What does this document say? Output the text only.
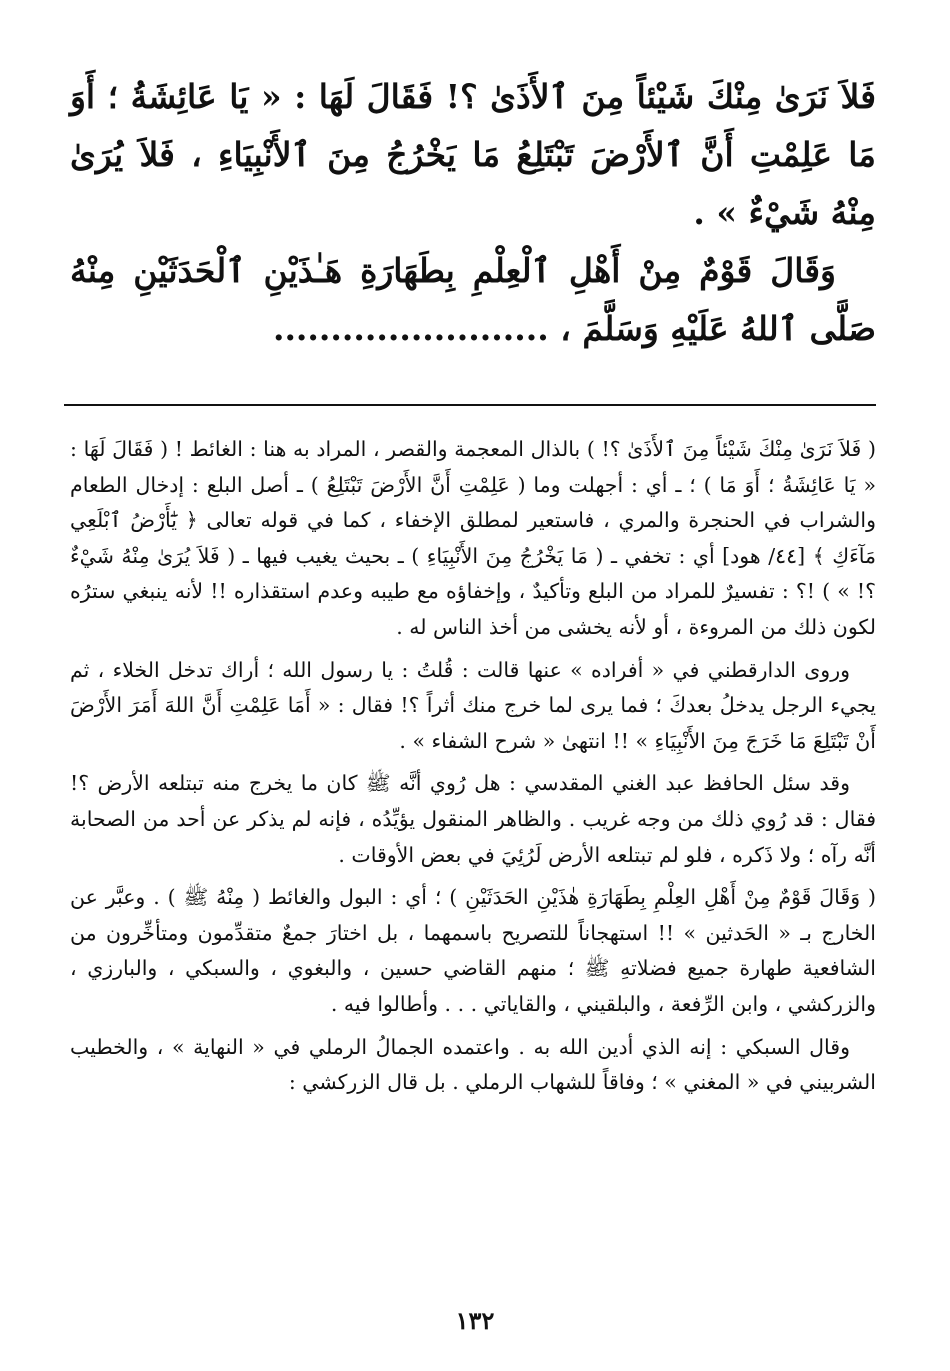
فَلاَ نَرَىٰ مِنْكَ شَيْئاً مِنَ ٱلأَذَىٰ ؟! فَقَالَ لَهَا : « يَا عَائِشَةُ ؛ أَوَ مَا عَلِمْتِ أَنَّ ٱلأَرْضَ تَبْتَلِعُ مَا يَخْرُجُ مِنَ ٱلأَنْبِيَاءِ ، فَلاَ يُرَىٰ مِنْهُ شَيْءٌ » .

وَقَالَ قَوْمٌ مِنْ أَهْلِ ٱلْعِلْمِ بِطَهَارَةِ هَـٰذَيْنِ ٱلْحَدَثَيْنِ مِنْهُ صَلَّى ٱللهُ عَلَيْهِ وَسَلَّمَ ، ........................

( فَلاَ نَرَىٰ مِنْكَ شَيْئاً مِنَ ٱلأَذَىٰ ؟! ) بالذال المعجمة والقصر ، المراد به هنا : الغائط ! ( فَقَالَ لَهَا : « يَا عَائِشَةُ ؛ أَوَ مَا ) ؛ ـ أي : أجهلت وما ( عَلِمْتِ أَنَّ الأَرْضَ تَبْتَلِعُ ) ـ أصل البلع : إدخال الطعام والشراب في الحنجرة والمري ، فاستعير لمطلق الإخفاء ، كما في قوله تعالى ﴿ يَٰٓأَرْضُ ٱبْلَعِي مَآءَكِ ﴾ [٤٤/ هود] أي : تخفي ـ ( مَا يَخْرُجُ مِنَ الأَنْبِيَاءِ ) ـ بحيث يغيب فيها ـ ( فَلاَ يُرَىٰ مِنْهُ شَيْءٌ ؟! » ) !؟ : تفسيرٌ للمراد من البلع وتأكيدٌ ، وإخفاؤه مع طيبه وعدم استقذاره !! لأنه ينبغي سترُه لكون ذلك من المروءة ، أو لأنه يخشى من أخذ الناس له .

وروى الدارقطني في « أفراده » عنها قالت : قُلتُ : يا رسول الله ؛ أراك تدخل الخلاء ، ثم يجيء الرجل يدخلُ بعدكَ ؛ فما يرى لما خرج منك أثراً ؟! فقال : « أَمَا عَلِمْتِ أَنَّ اللهَ أَمَرَ الأَرْضَ أَنْ تَبْتَلِعَ مَا خَرَجَ مِنَ الأَنْبِيَاءِ » !! انتهىٰ « شرح الشفاء » .

وقد سئل الحافظ عبد الغني المقدسي : هل رُوي أنَّه ﷺ كان ما يخرج منه تبتلعه الأرض ؟! فقال : قد رُوي ذلك من وجه غريب . والظاهر المنقول يؤيِّدُه ، فإنه لم يذكر عن أحد من الصحابة أنَّه رآه ؛ ولا ذَكره ، فلو لم تبتلعه الأرض لَرُئِيَ في بعض الأوقات .

( وَقَالَ قَوْمٌ مِنْ أَهْلِ العِلْمِ بِطَهَارَةِ هٰذَيْنِ الحَدَثَيْنِ ) ؛ أي : البول والغائط ( مِنْهُ ﷺ ) . وعبَّر عن الخارج بـ « الحَدثين » !! استهجاناً للتصريح باسمهما ، بل اختارَ جمعٌ متقدِّمون ومتأخِّرون من الشافعية طهارة جميع فضلاتهِ ﷺ ؛ منهم القاضي حسين ، والبغوي ، والسبكي ، والبارزي ، والزركشي ، وابن الرِّفعة ، والبلقيني ، والقاياتي . . . وأطالوا فيه .

وقال السبكي : إنه الذي أدين الله به . واعتمده الجمالُ الرملي في « النهاية » ، والخطيب الشربيني في « المغني » ؛ وفاقاً للشهاب الرملي . بل قال الزركشي :

١٣٢
